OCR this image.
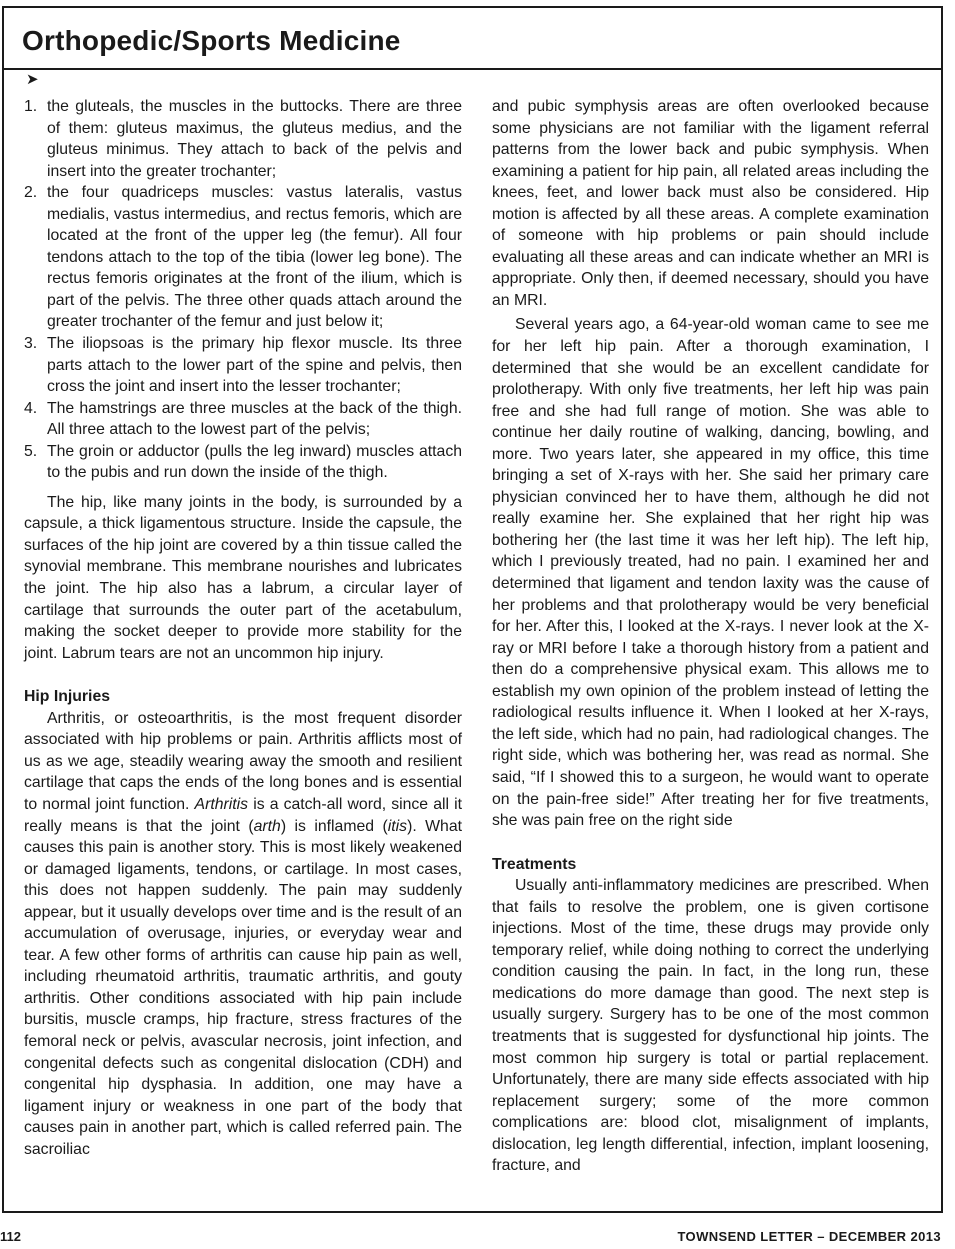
Orthopedic/Sports Medicine
➤
1. the gluteals, the muscles in the buttocks. There are three of them: gluteus maximus, the gluteus medius, and the gluteus minimus. They attach to back of the pelvis and insert into the greater trochanter;
2. the four quadriceps muscles: vastus lateralis, vastus medialis, vastus intermedius, and rectus femoris, which are located at the front of the upper leg (the femur). All four tendons attach to the top of the tibia (lower leg bone). The rectus femoris originates at the front of the ilium, which is part of the pelvis. The three other quads attach around the greater trochanter of the femur and just below it;
3. The iliopsoas is the primary hip flexor muscle. Its three parts attach to the lower part of the spine and pelvis, then cross the joint and insert into the lesser trochanter;
4. The hamstrings are three muscles at the back of the thigh. All three attach to the lowest part of the pelvis;
5. The groin or adductor (pulls the leg inward) muscles attach to the pubis and run down the inside of the thigh.

The hip, like many joints in the body, is surrounded by a capsule, a thick ligamentous structure. Inside the capsule, the surfaces of the hip joint are covered by a thin tissue called the synovial membrane. This membrane nourishes and lubricates the joint. The hip also has a labrum, a circular layer of cartilage that surrounds the outer part of the acetabulum, making the socket deeper to provide more stability for the joint. Labrum tears are not an uncommon hip injury.

Hip Injuries

Arthritis, or osteoarthritis, is the most frequent disorder associated with hip problems or pain. Arthritis afflicts most of us as we age, steadily wearing away the smooth and resilient cartilage that caps the ends of the long bones and is essential to normal joint function. Arthritis is a catch-all word, since all it really means is that the joint (arth) is inflamed (itis). What causes this pain is another story. This is most likely weakened or damaged ligaments, tendons, or cartilage. In most cases, this does not happen suddenly. The pain may suddenly appear, but it usually develops over time and is the result of an accumulation of overusage, injuries, or everyday wear and tear. A few other forms of arthritis can cause hip pain as well, including rheumatoid arthritis, traumatic arthritis, and gouty arthritis. Other conditions associated with hip pain include bursitis, muscle cramps, hip fracture, stress fractures of the femoral neck or pelvis, avascular necrosis, joint infection, and congenital defects such as congenital dislocation (CDH) and congenital hip dysphasia. In addition, one may have a ligament injury or weakness in one part of the body that causes pain in another part, which is called referred pain. The sacroiliac

and pubic symphysis areas are often overlooked because some physicians are not familiar with the ligament referral patterns from the lower back and pubic symphysis. When examining a patient for hip pain, all related areas including the knees, feet, and lower back must also be considered. Hip motion is affected by all these areas. A complete examination of someone with hip problems or pain should include evaluating all these areas and can indicate whether an MRI is appropriate. Only then, if deemed necessary, should you have an MRI.

Several years ago, a 64-year-old woman came to see me for her left hip pain. After a thorough examination, I determined that she would be an excellent candidate for prolotherapy. With only five treatments, her left hip was pain free and she had full range of motion. She was able to continue her daily routine of walking, dancing, bowling, and more. Two years later, she appeared in my office, this time bringing a set of X-rays with her. She said her primary care physician convinced her to have them, although he did not really examine her. She explained that her right hip was bothering her (the last time it was her left hip). The left hip, which I previously treated, had no pain. I examined her and determined that ligament and tendon laxity was the cause of her problems and that prolotherapy would be very beneficial for her. After this, I looked at the X-rays. I never look at the X-ray or MRI before I take a thorough history from a patient and then do a comprehensive physical exam. This allows me to establish my own opinion of the problem instead of letting the radiological results influence it. When I looked at her X-rays, the left side, which had no pain, had radiological changes. The right side, which was bothering her, was read as normal. She said, “If I showed this to a surgeon, he would want to operate on the pain-free side!” After treating her for five treatments, she was pain free on the right side

Treatments

Usually anti-inflammatory medicines are prescribed. When that fails to resolve the problem, one is given cortisone injections. Most of the time, these drugs may provide only temporary relief, while doing nothing to correct the underlying condition causing the pain. In fact, in the long run, these medications do more damage than good. The next step is usually surgery. Surgery has to be one of the most common treatments that is suggested for dysfunctional hip joints. The most common hip surgery is total or partial replacement. Unfortunately, there are many side effects associated with hip replacement surgery; some of the more common complications are: blood clot, misalignment of implants, dislocation, leg length differential, infection, implant loosening, fracture, and

112	TOWNSEND LETTER – DECEMBER 2013
